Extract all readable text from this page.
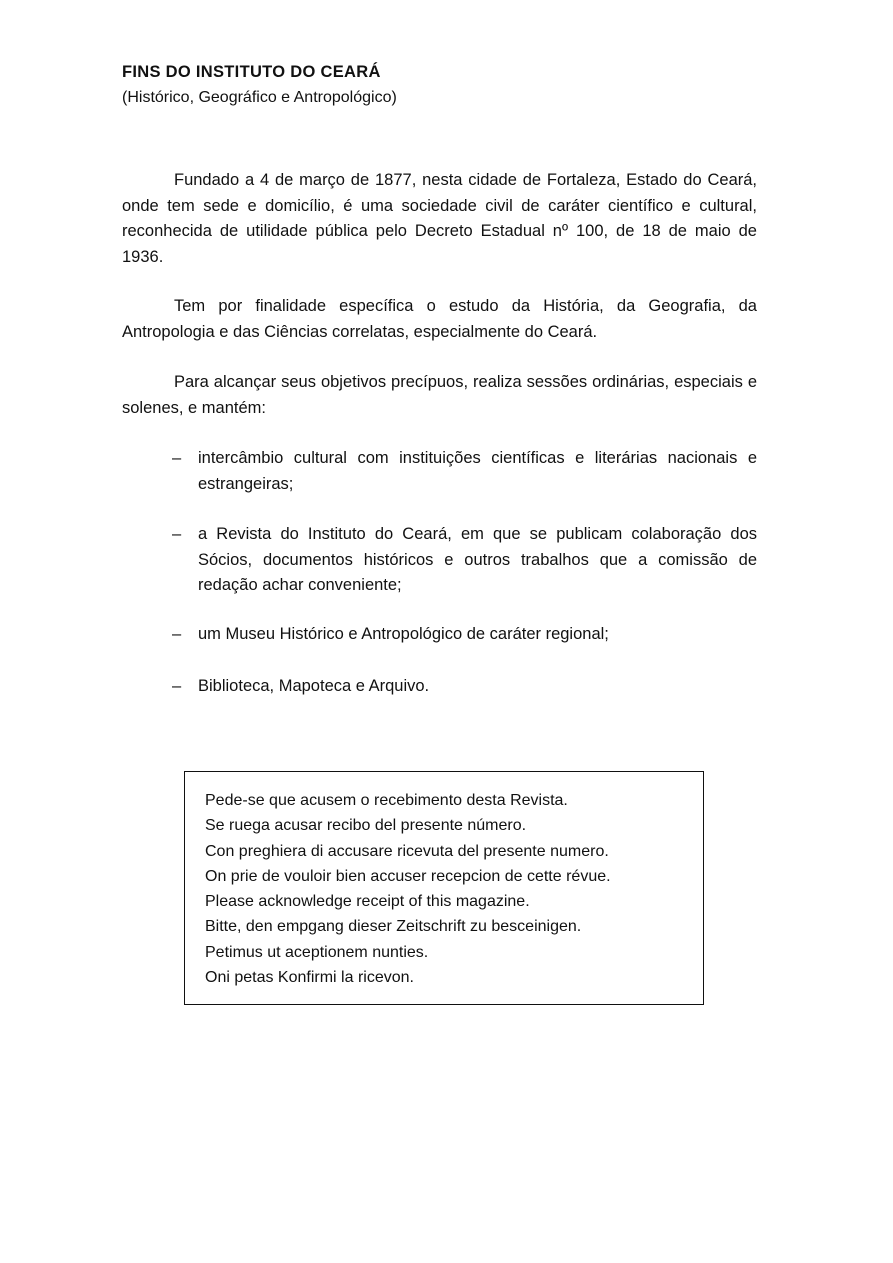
FINS DO INSTITUTO DO CEARÁ
(Histórico, Geográfico e Antropológico)

Fundado a 4 de março de 1877, nesta cidade de Fortaleza, Estado do Ceará, onde tem sede e domicílio, é uma sociedade civil de caráter científico e cultural, reconhecida de utilidade pública pelo Decreto Estadual nº 100, de 18 de maio de 1936.

Tem por finalidade específica o estudo da História, da Geografia, da Antropologia e das Ciências correlatas, especialmente do Ceará.

Para alcançar seus objetivos precípuos, realiza sessões ordinárias, especiais e solenes, e mantém:

–	intercâmbio cultural com instituições científicas e literárias nacionais e estrangeiras;
–	a Revista do Instituto do Ceará, em que se publicam colaboração dos Sócios, documentos históricos e outros trabalhos que a comissão de redação achar conveniente;
–	um Museu Histórico e Antropológico de caráter regional;
–	Biblioteca, Mapoteca e Arquivo.
Pede-se que acusem o recebimento desta Revista.
Se ruega acusar recibo del presente número.
Con preghiera di accusare ricevuta del presente numero.
On prie de vouloir bien accuser recepcion de cette révue.
Please acknowledge receipt of this magazine.
Bitte, den empgang dieser Zeitschrift zu besceinigen.
Petimus ut aceptionem nunties.
Oni petas Konfirmi la ricevon.
